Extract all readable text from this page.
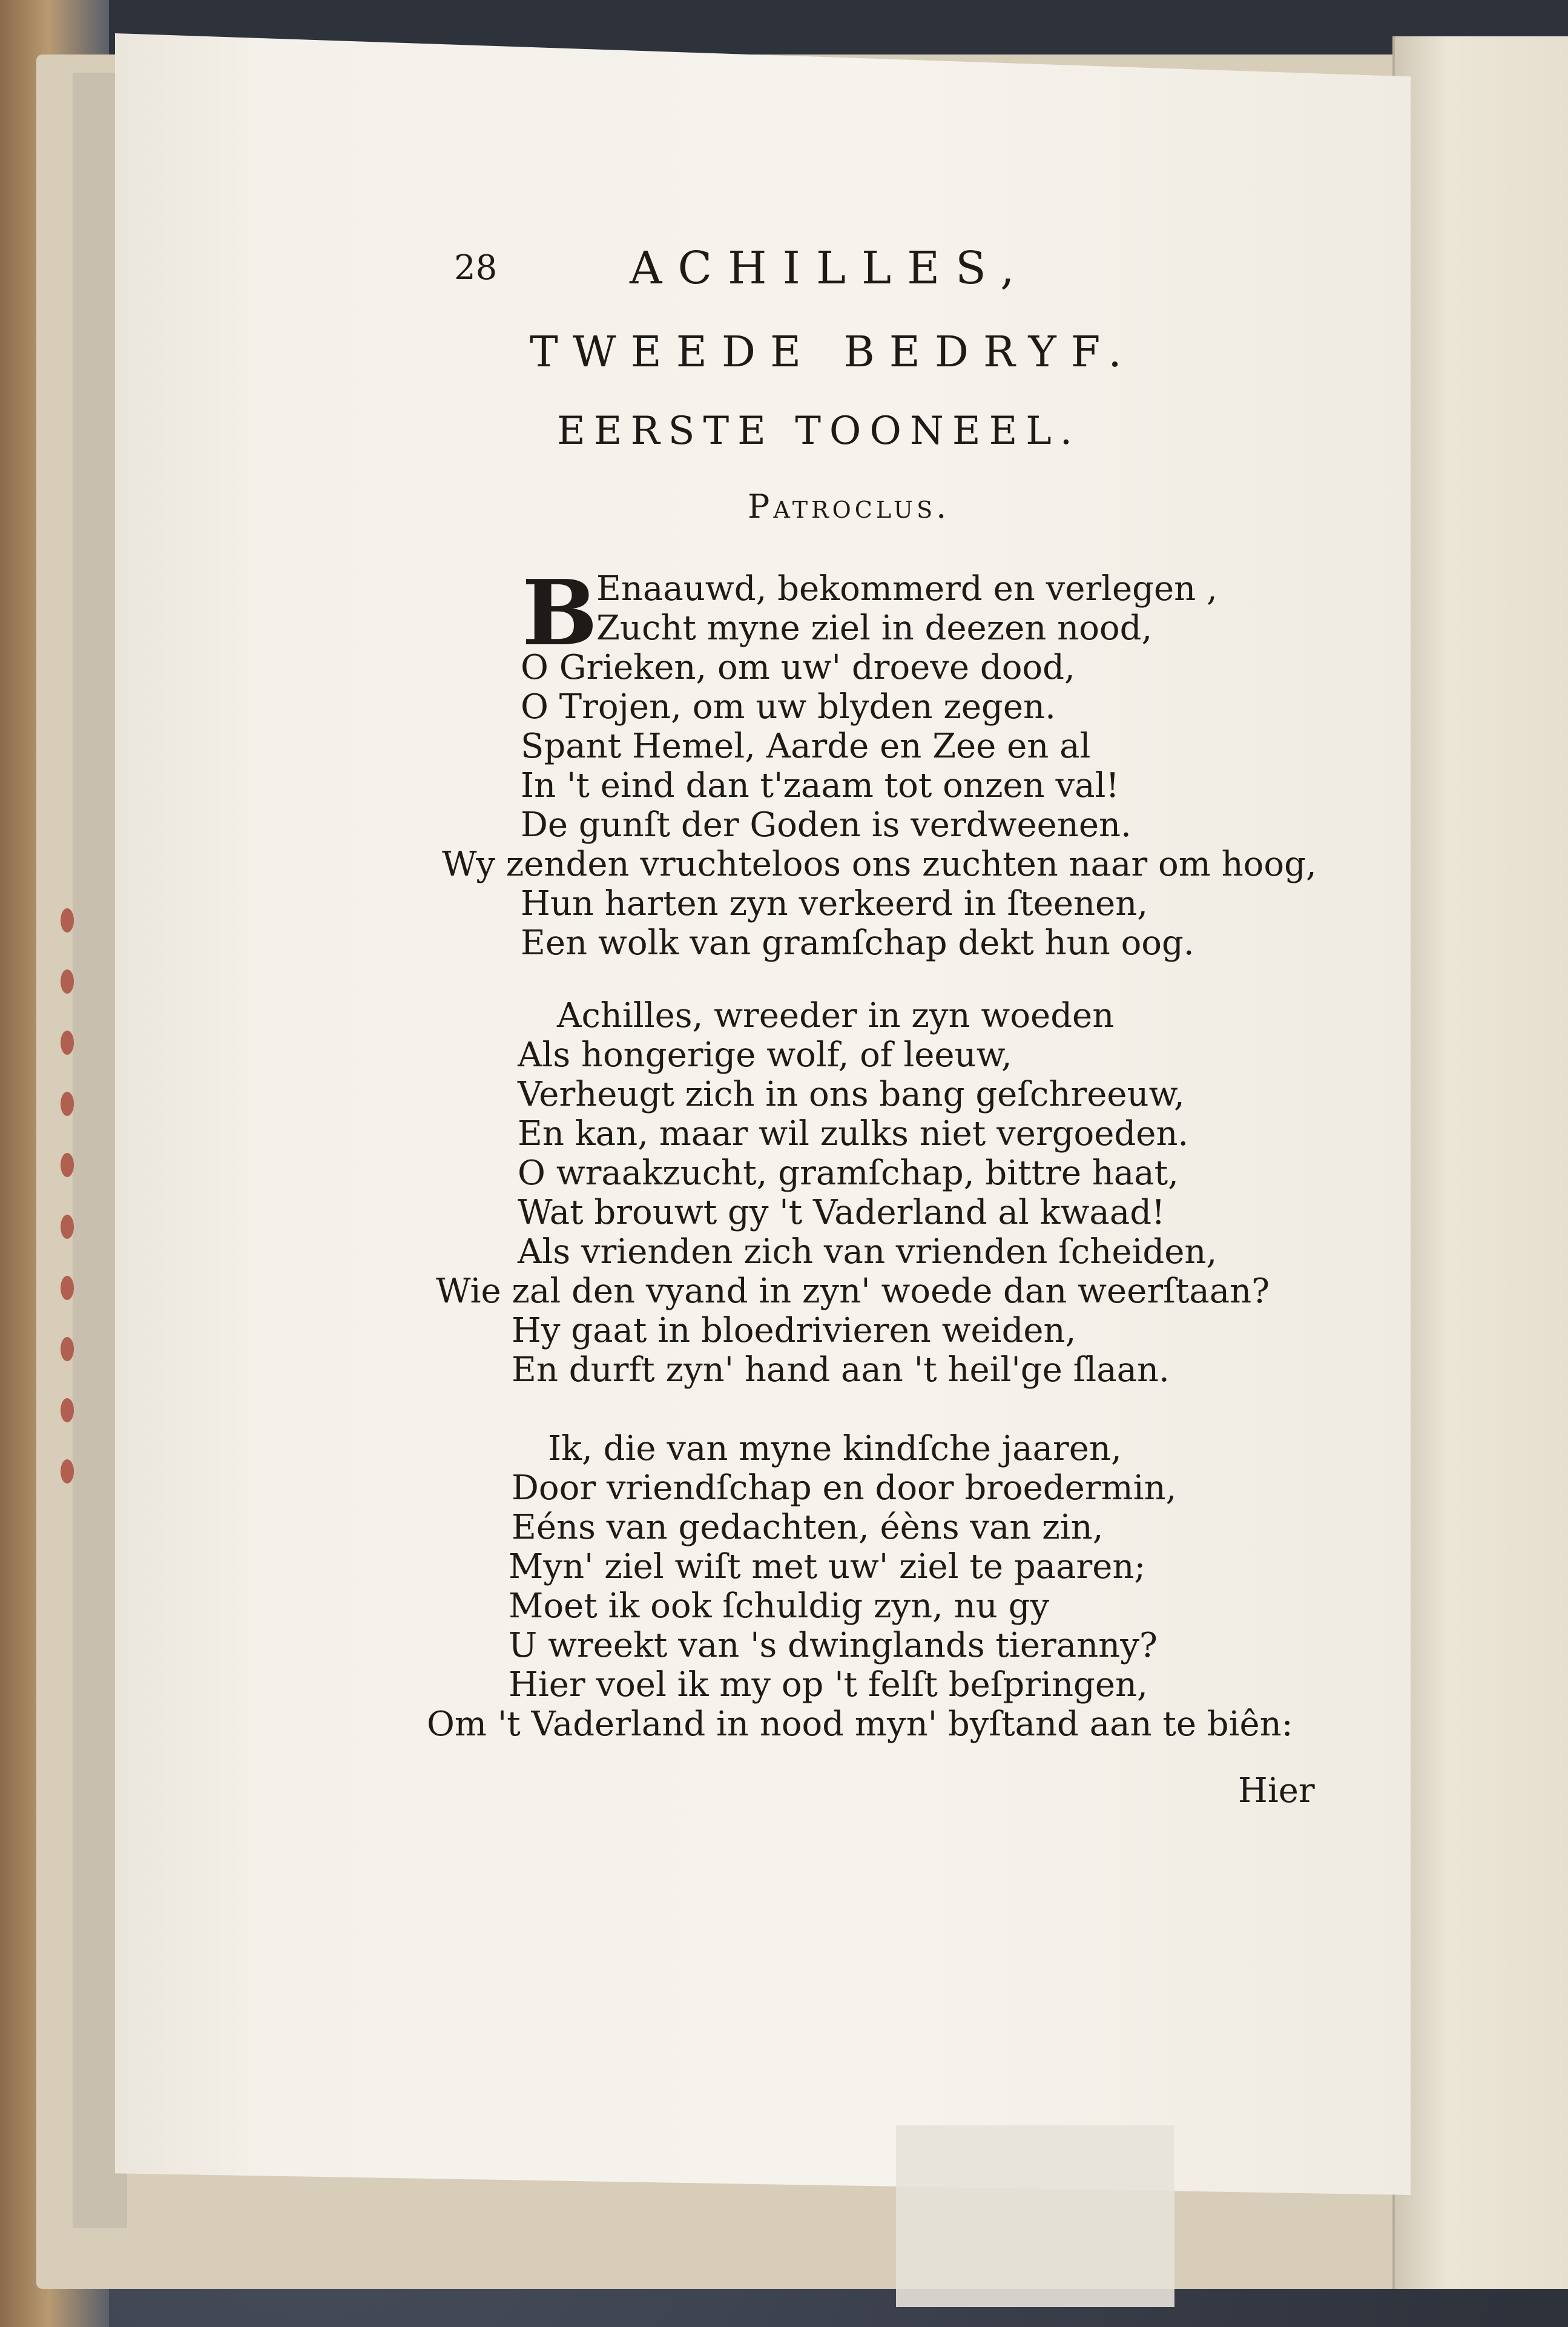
28	ACHILLES,
TWEEDE BEDRYF.
EERSTE TOONEEL.
Patroclus.
B
Enaauwd, bekommerd en verlegen ,
Zucht myne ziel in deezen nood,
O Grieken, om uw' droeve dood,
O Trojen, om uw blyden zegen.
Spant Hemel, Aarde en Zee en al
In 't eind dan t'zaam tot onzen val!
De gunſt der Goden is verdweenen.
Wy zenden vruchteloos ons zuchten naar om hoog,
Hun harten zyn verkeerd in ſteenen,
Een wolk van gramſchap dekt hun oog.
Achilles, wreeder in zyn woeden
Als hongerige wolf, of leeuw,
Verheugt zich in ons bang geſchreeuw,
En kan, maar wil zulks niet vergoeden.
O wraakzucht, gramſchap, bittre haat,
Wat brouwt gy 't Vaderland al kwaad!
Als vrienden zich van vrienden ſcheiden,
Wie zal den vyand in zyn' woede dan weerſtaan?
Hy gaat in bloedrivieren weiden,
En durft zyn' hand aan 't heil'ge ſlaan.
Ik, die van myne kindſche jaaren,
Door vriendſchap en door broedermin,
Eéns van gedachten, éèns van zin,
Myn' ziel wiſt met uw' ziel te paaren;
Moet ik ook ſchuldig zyn, nu gy
U wreekt van 's dwinglands tieranny?
Hier voel ik my op 't felſt beſpringen,
Om 't Vaderland in nood myn' byſtand aan te biên:
Hier
